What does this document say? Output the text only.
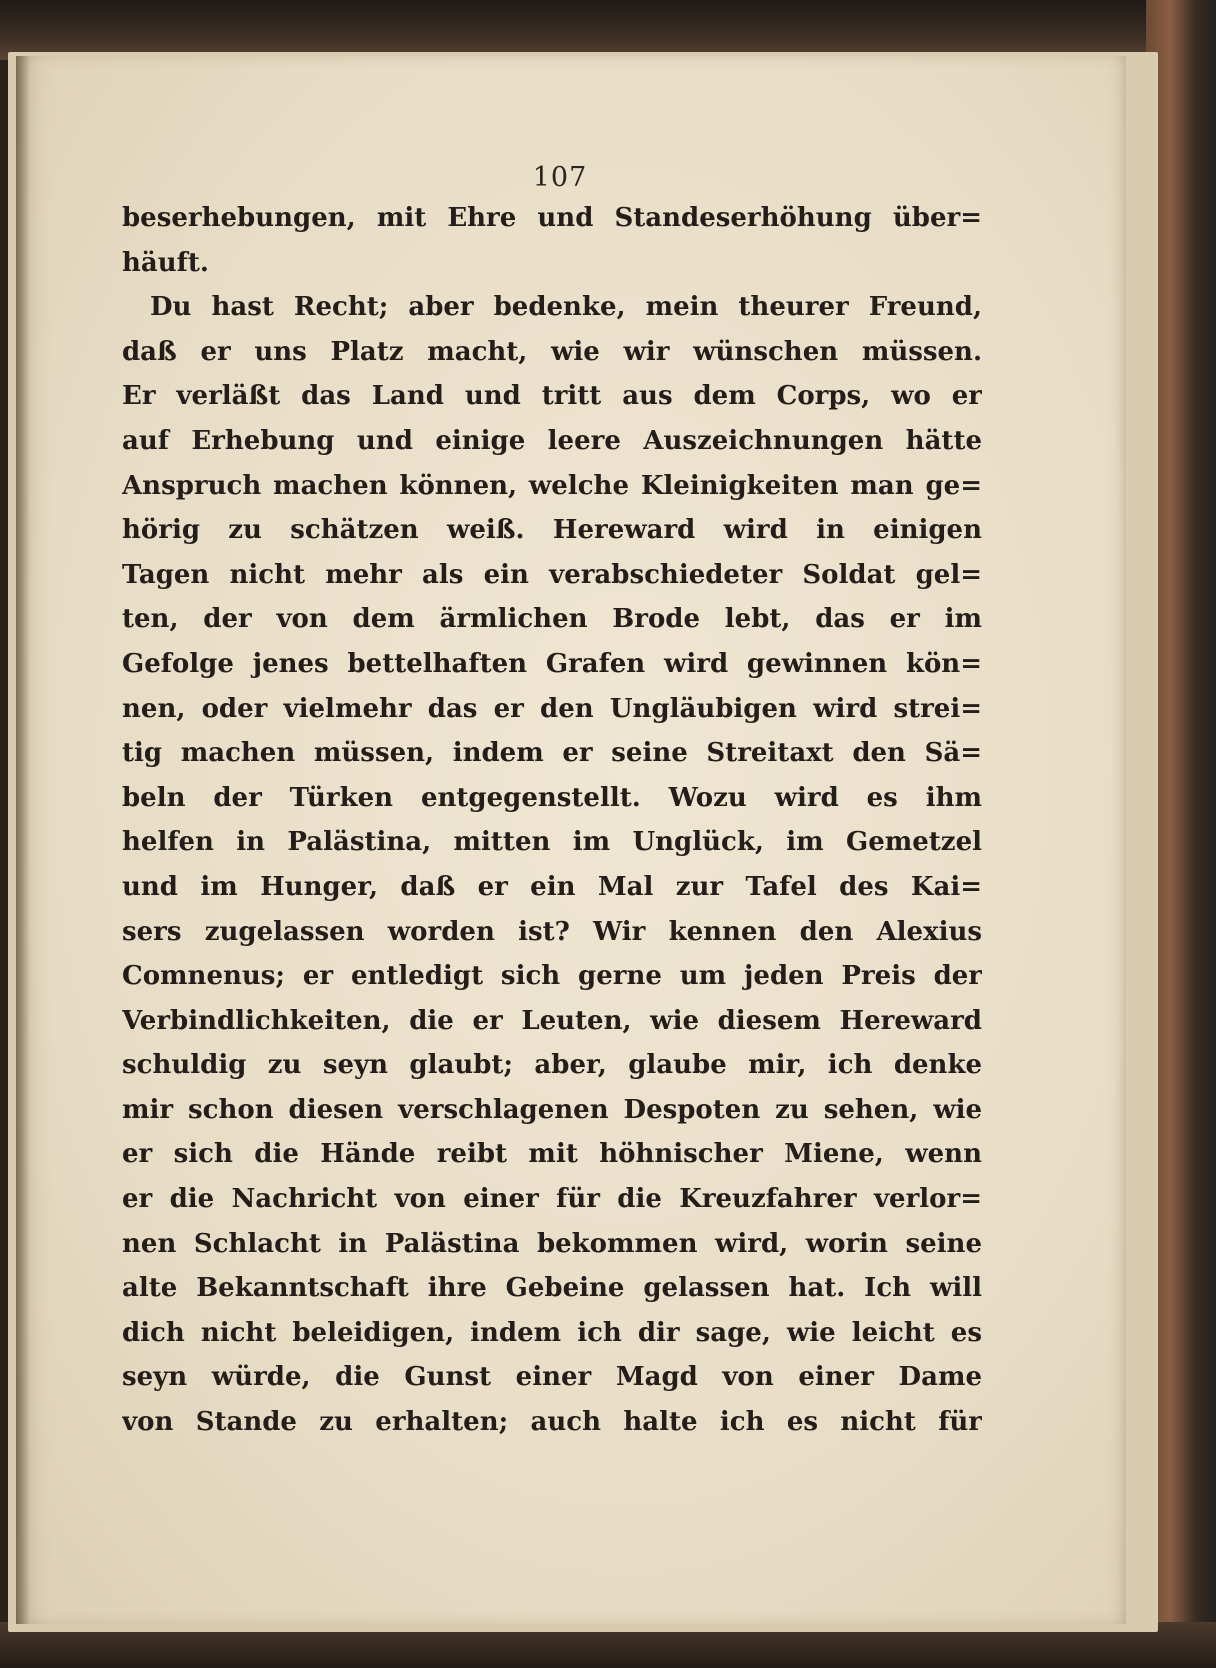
107
beserhebungen, mit Ehre und Standeserhöhung über=
häuft.
Du hast Recht; aber bedenke, mein theurer Freund,
daß er uns Platz macht, wie wir wünschen müssen.
Er verläßt das Land und tritt aus dem Corps, wo er
auf Erhebung und einige leere Auszeichnungen hätte
Anspruch machen können, welche Kleinigkeiten man ge=
hörig zu schätzen weiß. Hereward wird in einigen
Tagen nicht mehr als ein verabschiedeter Soldat gel=
ten, der von dem ärmlichen Brode lebt, das er im
Gefolge jenes bettelhaften Grafen wird gewinnen kön=
nen, oder vielmehr das er den Ungläubigen wird strei=
tig machen müssen, indem er seine Streitaxt den Sä=
beln der Türken entgegenstellt. Wozu wird es ihm
helfen in Palästina, mitten im Unglück, im Gemetzel
und im Hunger, daß er ein Mal zur Tafel des Kai=
sers zugelassen worden ist? Wir kennen den Alexius
Comnenus; er entledigt sich gerne um jeden Preis der
Verbindlichkeiten, die er Leuten, wie diesem Hereward
schuldig zu seyn glaubt; aber, glaube mir, ich denke
mir schon diesen verschlagenen Despoten zu sehen, wie
er sich die Hände reibt mit höhnischer Miene, wenn
er die Nachricht von einer für die Kreuzfahrer verlor=
nen Schlacht in Palästina bekommen wird, worin seine
alte Bekanntschaft ihre Gebeine gelassen hat. Ich will
dich nicht beleidigen, indem ich dir sage, wie leicht es
seyn würde, die Gunst einer Magd von einer Dame
von Stande zu erhalten; auch halte ich es nicht für
